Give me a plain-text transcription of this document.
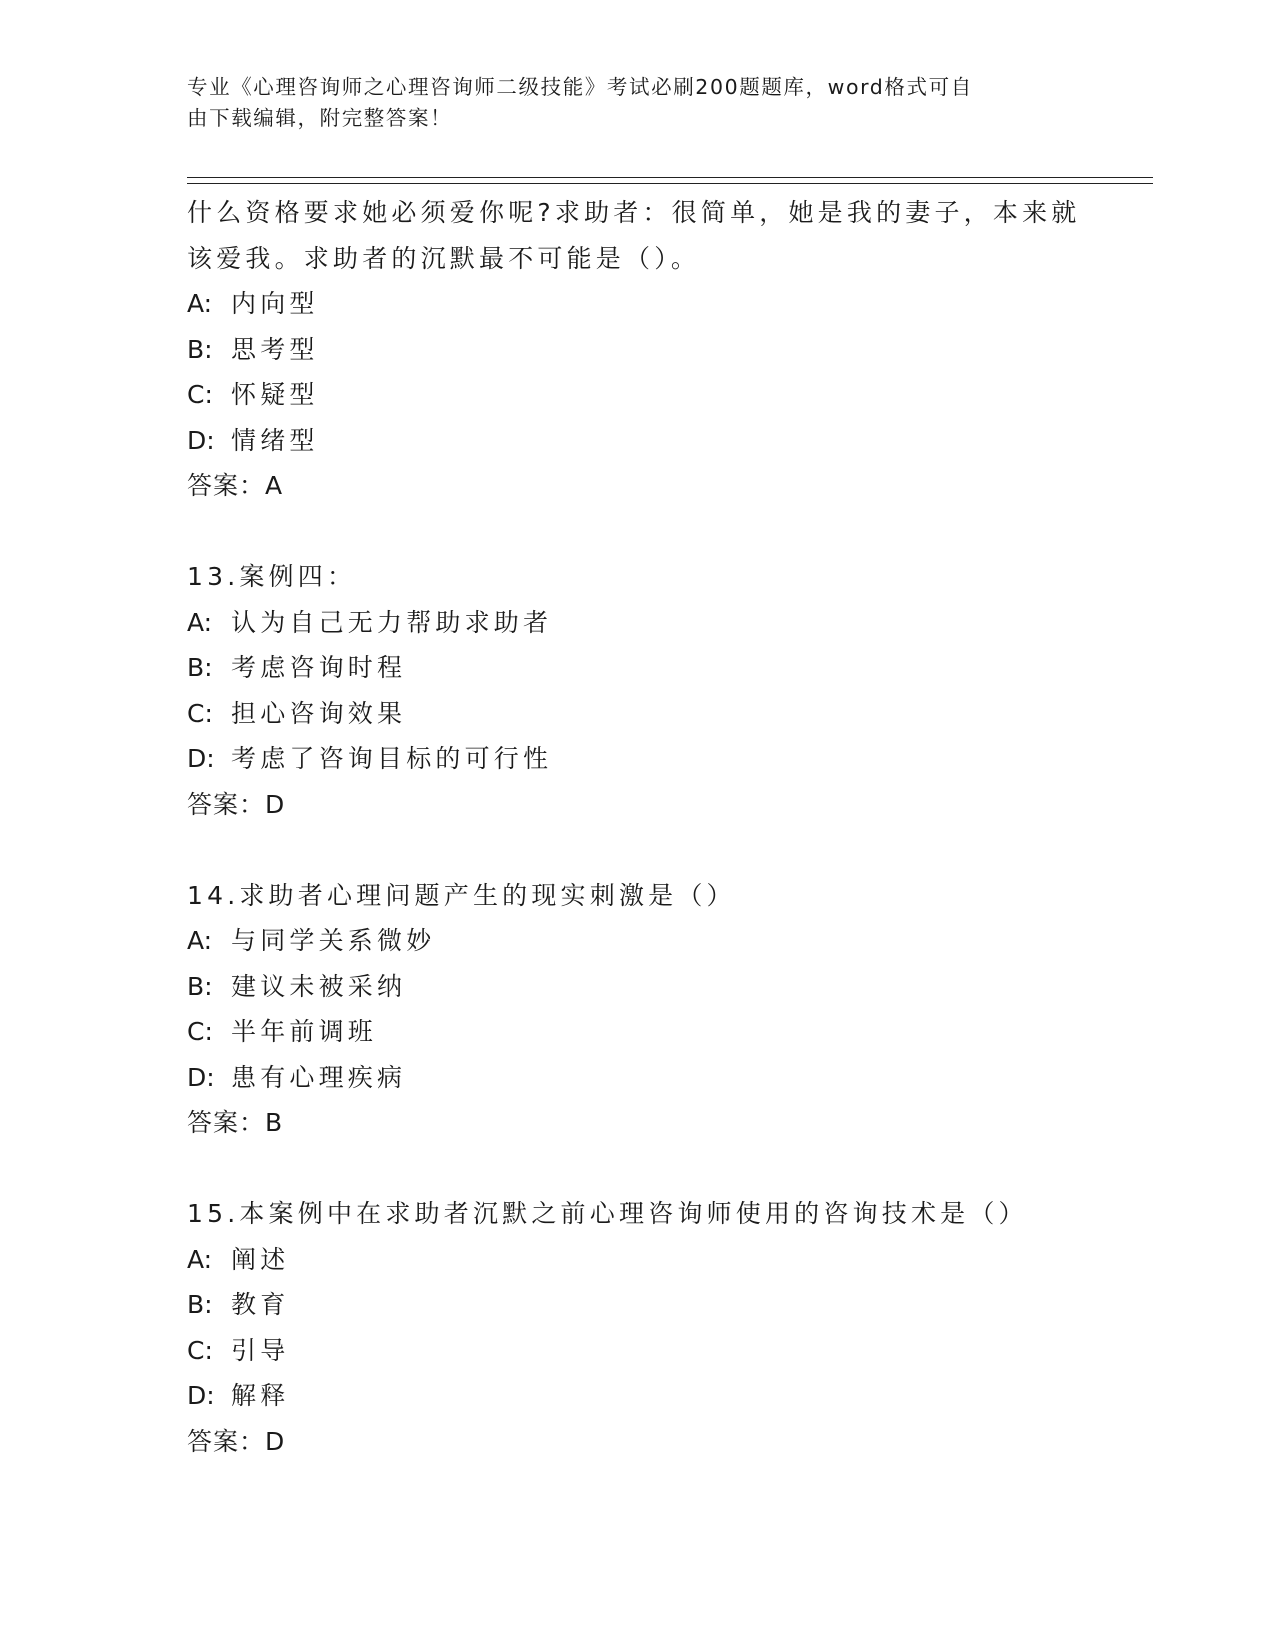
专业《心理咨询师之心理咨询师二级技能》考试必刷200题题库，word格式可自
由下载编辑，附完整答案！
什么资格要求她必须爱你呢?求助者：很简单，她是我的妻子，本来就
该爱我。求助者的沉默最不可能是（）。
A: 内向型
B: 思考型
C: 怀疑型
D: 情绪型
答案：A
13.案例四：
A: 认为自己无力帮助求助者
B: 考虑咨询时程
C: 担心咨询效果
D: 考虑了咨询目标的可行性
答案：D
14.求助者心理问题产生的现实刺激是（）
A: 与同学关系微妙
B: 建议未被采纳
C: 半年前调班
D: 患有心理疾病
答案：B
15.本案例中在求助者沉默之前心理咨询师使用的咨询技术是（）
A: 阐述
B: 教育
C: 引导
D: 解释
答案：D
